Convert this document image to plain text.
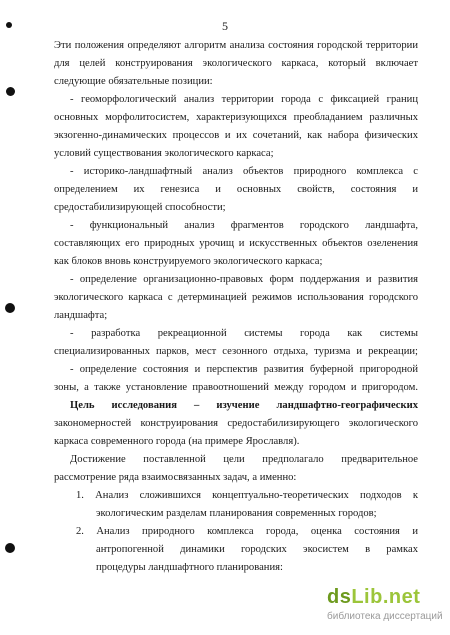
5
Эти положения определяют алгоритм анализа состояния городской территории
для целей конструирования экологического каркаса, который включает
следующие обязательные позиции:
- геоморфологический анализ территории города с фиксацией границ
основных морфолитосистем, характеризующихся преобладанием различных
экзогенно-динамических процессов и их сочетаний, как набора физических
условий существования экологического каркаса;
- историко-ландшафтный анализ объектов природного комплекса с
определением их генезиса и основных свойств, состояния и
средостабилизирующей способности;
- функциональный анализ фрагментов городского ландшафта,
составляющих его природных урочищ и искусственных объектов озеленения
как блоков вновь конструируемого экологического каркаса;
- определение организационно-правовых форм поддержания и развития
экологического каркаса с детерминацией режимов использования городского
ландшафта;
- разработка рекреационной системы города как системы
специализированных парков, мест сезонного отдыха, туризма и рекреации;
- определение состояния и перспектив развития буферной пригородной
зоны, а также установление правоотношений между городом и пригородом.
Цель исследования – изучение ландшафтно-географических
закономерностей конструирования средостабилизирующего экологического
каркаса современного города (на примере Ярославля).
Достижение поставленной цели предполагало предварительное
рассмотрение ряда взаимосвязанных задач, а именно:
1. Анализ сложившихся концептуально-теоретических подходов к
экологическим разделам планирования современных городов;
2. Анализ природного комплекса города, оценка состояния и
антропогенной динамики городских экосистем в рамках
процедуры ландшафтного планирования:
dsLib.net
библиотека диссертаций
